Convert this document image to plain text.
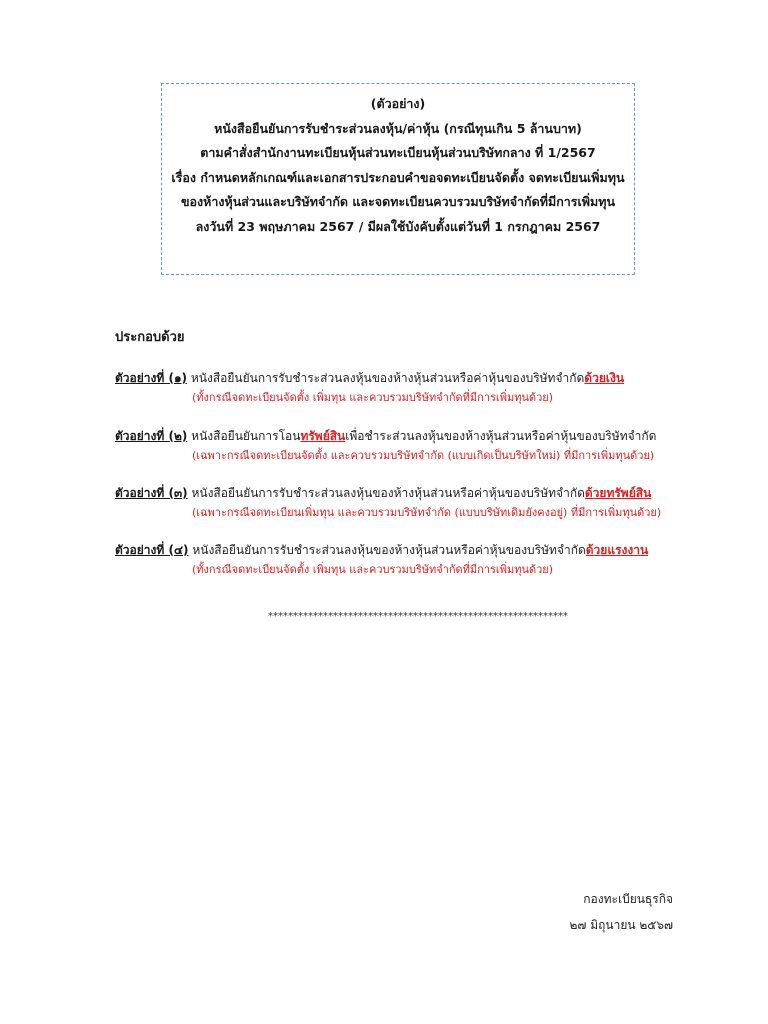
(ตัวอย่าง)
หนังสือยืนยันการรับชำระส่วนลงหุ้น/ค่าหุ้น (กรณีทุนเกิน 5 ล้านบาท)
ตามคำสั่งสำนักงานทะเบียนหุ้นส่วนทะเบียนหุ้นส่วนบริษัทกลาง ที่ 1/2567
เรื่อง กำหนดหลักเกณฑ์และเอกสารประกอบคำขอจดทะเบียนจัดตั้ง จดทะเบียนเพิ่มทุน
ของห้างหุ้นส่วนและบริษัทจำกัด และจดทะเบียนควบรวมบริษัทจำกัดที่มีการเพิ่มทุน
ลงวันที่ 23 พฤษภาคม 2567 / มีผลใช้บังคับตั้งแต่วันที่ 1 กรกฎาคม 2567
ประกอบด้วย
ตัวอย่างที่ (๑) หนังสือยืนยันการรับชำระส่วนลงหุ้นของห้างหุ้นส่วนหรือค่าหุ้นของบริษัทจำกัดด้วยเงิน
(ทั้งกรณีจดทะเบียนจัดตั้ง เพิ่มทุน และควบรวมบริษัทจำกัดที่มีการเพิ่มทุนด้วย)
ตัวอย่างที่ (๒) หนังสือยืนยันการโอนทรัพย์สินเพื่อชำระส่วนลงหุ้นของห้างหุ้นส่วนหรือค่าหุ้นของบริษัทจำกัด
(เฉพาะกรณีจดทะเบียนจัดตั้ง และควบรวมบริษัทจำกัด (แบบเกิดเป็นบริษัทใหม่) ที่มีการเพิ่มทุนด้วย)
ตัวอย่างที่ (๓) หนังสือยืนยันการรับชำระส่วนลงหุ้นของห้างหุ้นส่วนหรือค่าหุ้นของบริษัทจำกัดด้วยทรัพย์สิน
(เฉพาะกรณีจดทะเบียนเพิ่มทุน และควบรวมบริษัทจำกัด (แบบบริษัทเดิมยังคงอยู่) ที่มีการเพิ่มทุนด้วย)
ตัวอย่างที่ (๔) หนังสือยืนยันการรับชำระส่วนลงหุ้นของห้างหุ้นส่วนหรือค่าหุ้นของบริษัทจำกัดด้วยแรงงาน
(ทั้งกรณีจดทะเบียนจัดตั้ง เพิ่มทุน และควบรวมบริษัทจำกัดที่มีการเพิ่มทุนด้วย)
************************************************************
กองทะเบียนธุรกิจ
๒๗ มิถุนายน ๒๕๖๗
